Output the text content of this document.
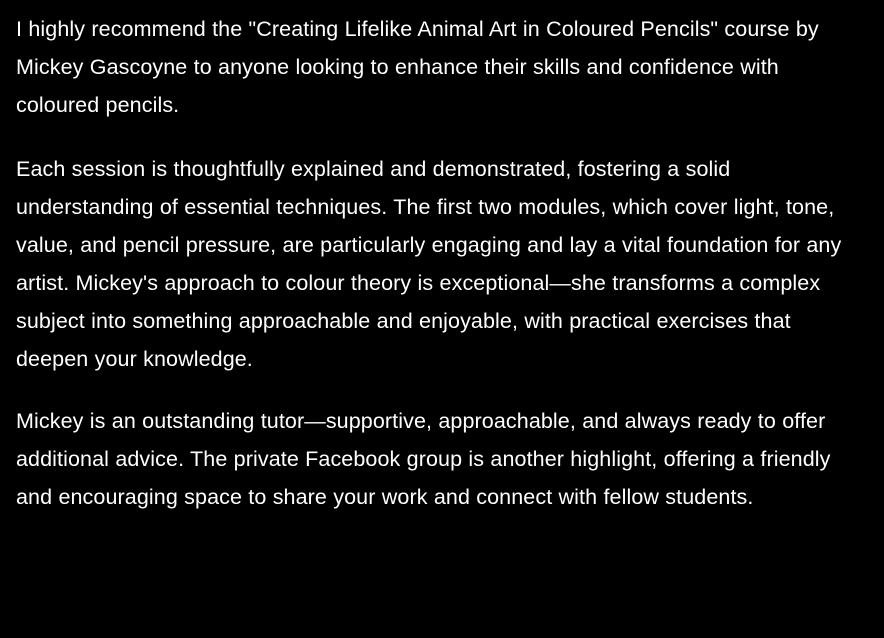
I highly recommend the "Creating Lifelike Animal Art in Coloured Pencils" course by Mickey Gascoyne to anyone looking to enhance their skills and confidence with coloured pencils.

Each session is thoughtfully explained and demonstrated, fostering a solid understanding of essential techniques. The first two modules, which cover light, tone, value, and pencil pressure, are particularly engaging and lay a vital foundation for any artist. Mickey's approach to colour theory is exceptional—she transforms a complex subject into something approachable and enjoyable, with practical exercises that deepen your knowledge.

Mickey is an outstanding tutor—supportive, approachable, and always ready to offer additional advice. The private Facebook group is another highlight, offering a friendly and encouraging space to share your work and connect with fellow students.
